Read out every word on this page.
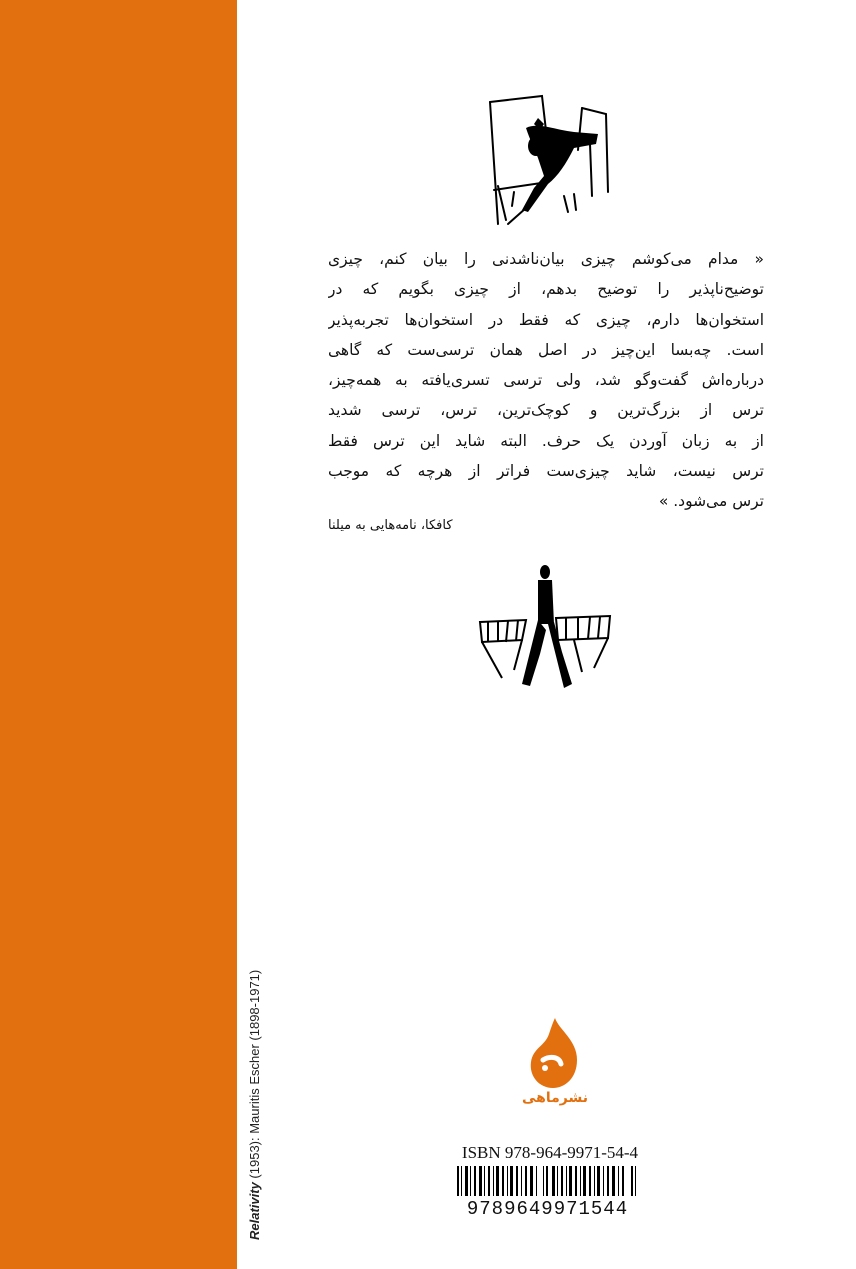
Relativity (1953): Mauritis Escher (1898-1971)
« مدام می‌کوشم چیزی بیان‌ناشدنی را بیان کنم، چیزی
توضیح‌ناپذیر را توضیح بدهم، از چیزی بگویم که در
استخوان‌ها دارم، چیزی که فقط در استخوان‌ها تجربه‌پذیر
است. چه‌بسا این‌چیز در اصل همان ترسی‌ست که گاهی
درباره‌اش گفت‌وگو شد، ولی ترسی تسری‌یافته به همه‌چیز،
ترس از بزرگ‌ترین و کوچک‌ترین، ترس، ترسی شدید
از به زبان آوردن یک حرف. البته شاید این ترس فقط
ترس نیست، شاید چیزی‌ست فراتر از هرچه که موجب
ترس می‌شود. »
کافکا، نامه‌هایی به میلنا
نشرماهی
ISBN 978-964-9971-54-4
9789649971544
